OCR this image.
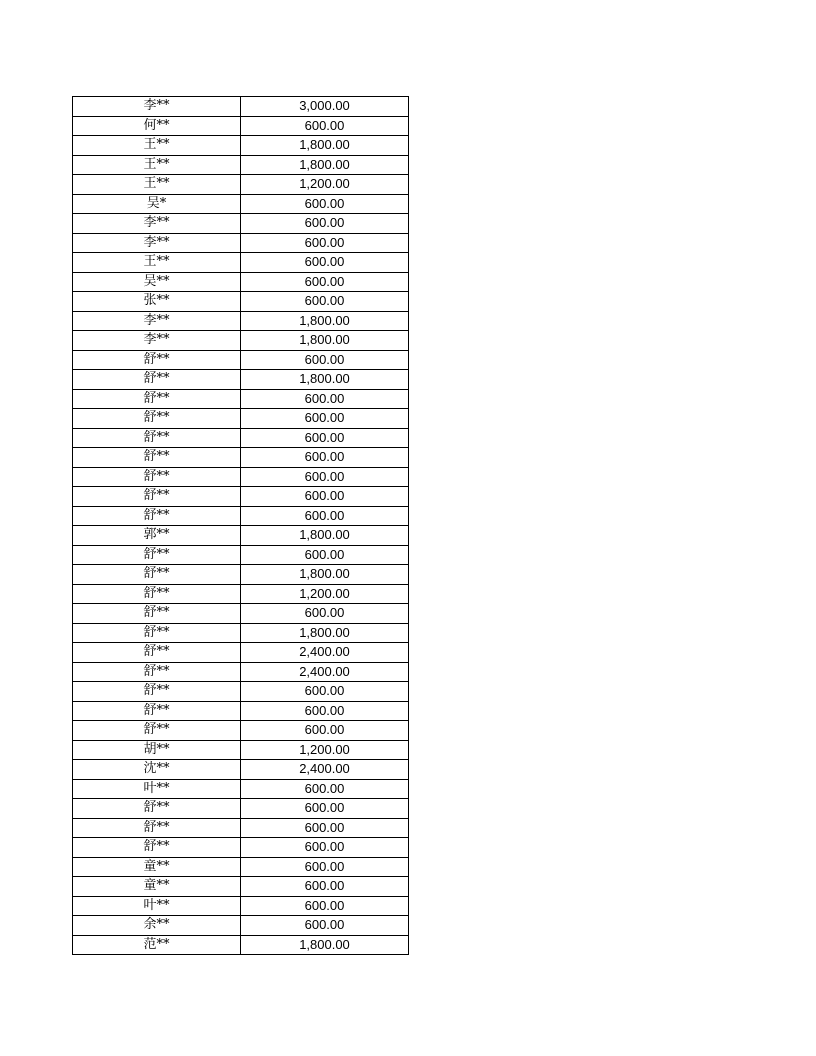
李**	3,000.00
何**	600.00
王**	1,800.00
王**	1,800.00
王**	1,200.00
吴*	600.00
李**	600.00
李**	600.00
王**	600.00
吴**	600.00
张**	600.00
李**	1,800.00
李**	1,800.00
舒**	600.00
舒**	1,800.00
舒**	600.00
舒**	600.00
舒**	600.00
舒**	600.00
舒**	600.00
舒**	600.00
舒**	600.00
郭**	1,800.00
舒**	600.00
舒**	1,800.00
舒**	1,200.00
舒**	600.00
舒**	1,800.00
舒**	2,400.00
舒**	2,400.00
舒**	600.00
舒**	600.00
舒**	600.00
胡**	1,200.00
沈**	2,400.00
叶**	600.00
舒**	600.00
舒**	600.00
舒**	600.00
童**	600.00
童**	600.00
叶**	600.00
余**	600.00
范**	1,800.00
